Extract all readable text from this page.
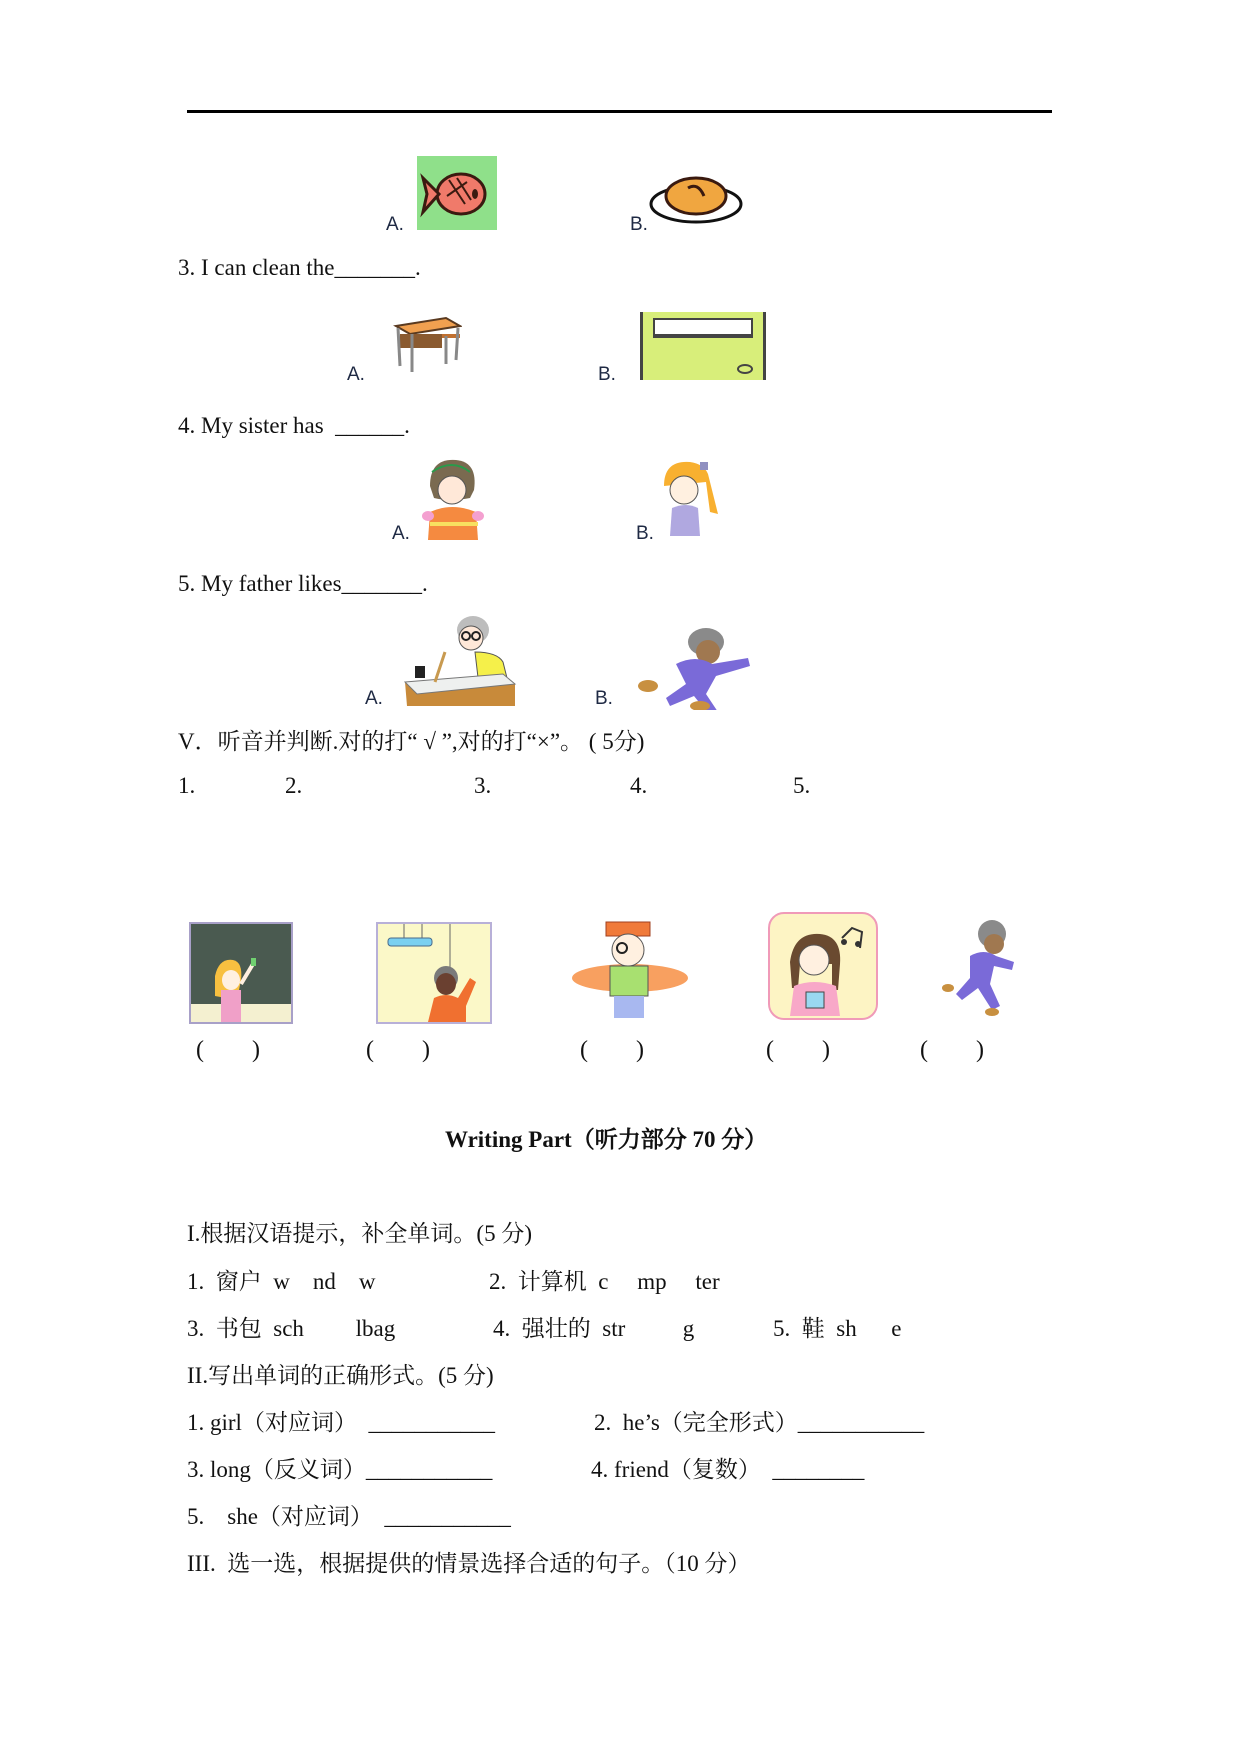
A.	B.
3. I can clean the_______.
A.	B.
4. My sister has  ______.
A.	B.
5. My father likes_______.
A.	B.
V．听音并判断.对的打“ √ ”,对的打“×”。 ( 5分)
1.	2.	3.	4.	5.
(　　)	(　　)	(　　)	(　　)	(　　)
Writing Part（听力部分 70 分）
I.根据汉语提示，补全单词。(5 分)
1.  窗户  w    nd    w	2.  计算机  c     mp     ter
3.  书包  sch         lbag	4.  强壮的  str          g	5.  鞋  sh      e
II.写出单词的正确形式。(5 分)
1. girl（对应词）  ___________	2.  he’s（完全形式）___________
3. long（反义词）___________	4. friend（复数）  ________
5.    she（对应词）  ___________
III.  选一选，根据提供的情景选择合适的句子。（10 分）
